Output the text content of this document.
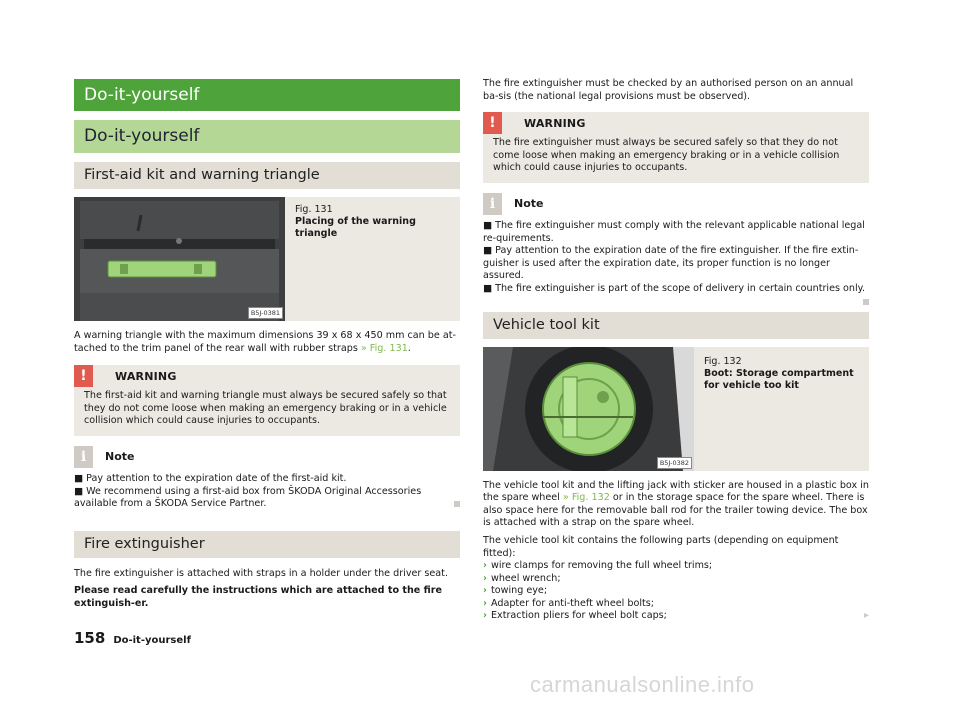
Do-it-yourself
Do-it-yourself
First-aid kit and warning triangle
B5J-0381
Fig. 131
Placing of the warning triangle

A warning triangle with the maximum dimensions 39 x 68 x 450 mm can be at-tached to the trim panel of the rear wall with rubber straps » Fig. 131.

!	WARNING

The first-aid kit and warning triangle must always be secured safely so that they do not come loose when making an emergency braking or in a vehicle collision which could cause injuries to occupants.

i	Note

■ Pay attention to the expiration date of the first-aid kit.

■ We recommend using a first-aid box from ŠKODA Original Accessories available from a ŠKODA Service Partner.

Fire extinguisher

The fire extinguisher is attached with straps in a holder under the driver seat.

Please read carefully the instructions which are attached to the fire extinguish-er.

The fire extinguisher must be checked by an authorised person on an annual ba-sis (the national legal provisions must be observed).

!	WARNING

The fire extinguisher must always be secured safely so that they do not come loose when making an emergency braking or in a vehicle collision which could cause injuries to occupants.

i	Note

■ The fire extinguisher must comply with the relevant applicable national legal re-quirements.

■ Pay attention to the expiration date of the fire extinguisher. If the fire extin-guisher is used after the expiration date, its proper function is no longer assured.

■ The fire extinguisher is part of the scope of delivery in certain countries only.

Vehicle tool kit
B5J-0382
Fig. 132
Boot: Storage compartment for vehicle too kit

The vehicle tool kit and the lifting jack with sticker are housed in a plastic box in the spare wheel » Fig. 132 or in the storage space for the spare wheel. There is also space here for the removable ball rod for the trailer towing device. The box is attached with a strap on the spare wheel.

The vehicle tool kit contains the following parts (depending on equipment fitted):

› wire clamps for removing the full wheel trims;

› wheel wrench;

› towing eye;

› Adapter for anti-theft wheel bolts;

› Extraction pliers for wheel bolt caps;	▸

158 Do-it-yourself
carmanualsonline.info
